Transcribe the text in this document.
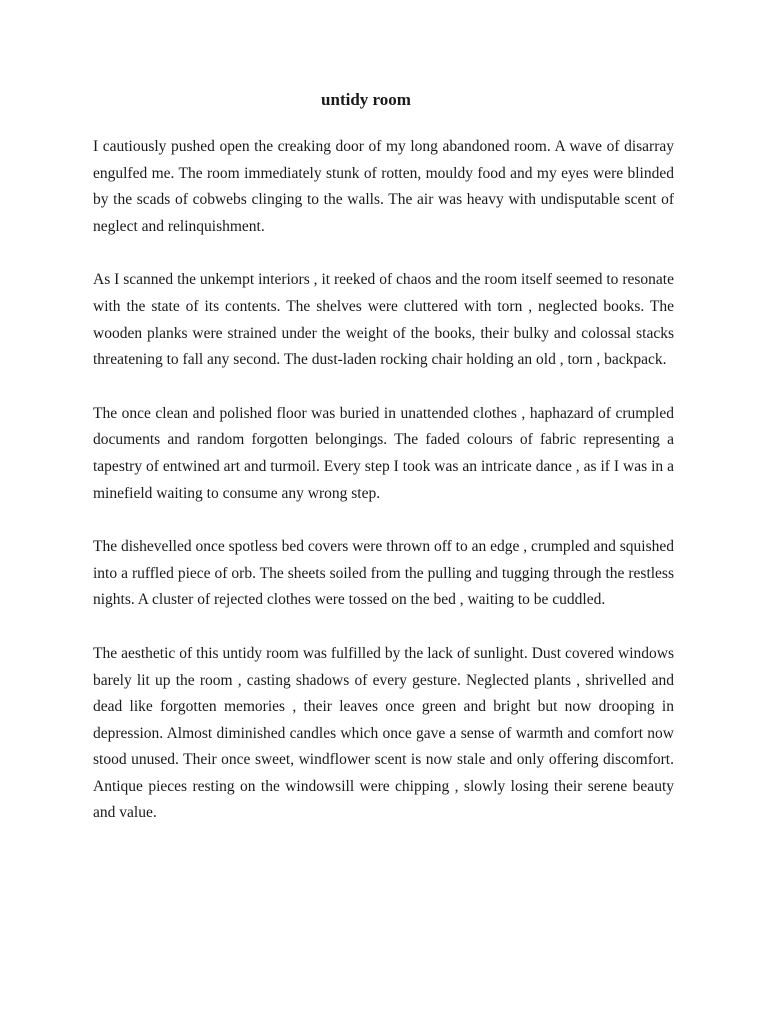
untidy room

I cautiously pushed open the creaking door of my long abandoned room. A wave of disarray engulfed me. The room immediately stunk of rotten, mouldy food and my eyes were blinded by the scads of cobwebs clinging to the walls. The air was heavy with undisputable scent of neglect and relinquishment.

As I scanned the unkempt interiors , it reeked of chaos and the room itself seemed to resonate with the state of its contents. The shelves were cluttered with torn , neglected books. The wooden planks were strained under the weight of the books, their bulky and colossal stacks threatening to fall any second. The dust-laden rocking chair holding an old , torn , backpack.

The once clean and polished floor was buried in unattended clothes , haphazard of crumpled documents and random forgotten belongings. The faded colours of fabric representing a tapestry of entwined art and turmoil. Every step I took was an intricate dance , as if I was in a minefield waiting to consume any wrong step.

The dishevelled once spotless bed covers were thrown off to an edge , crumpled and squished into a ruffled piece of orb. The sheets soiled from the pulling and tugging through the restless nights. A cluster of rejected clothes were tossed on the bed , waiting to be cuddled.

The aesthetic of this untidy room was fulfilled by the lack of sunlight. Dust covered windows barely lit up the room , casting shadows of every gesture. Neglected plants , shrivelled and dead like forgotten memories , their leaves once green and bright but now drooping in depression. Almost diminished candles which once gave a sense of warmth and comfort now stood unused. Their once sweet, windflower scent is now stale and only offering discomfort. Antique pieces resting on the windowsill were chipping , slowly losing their serene beauty and value.
